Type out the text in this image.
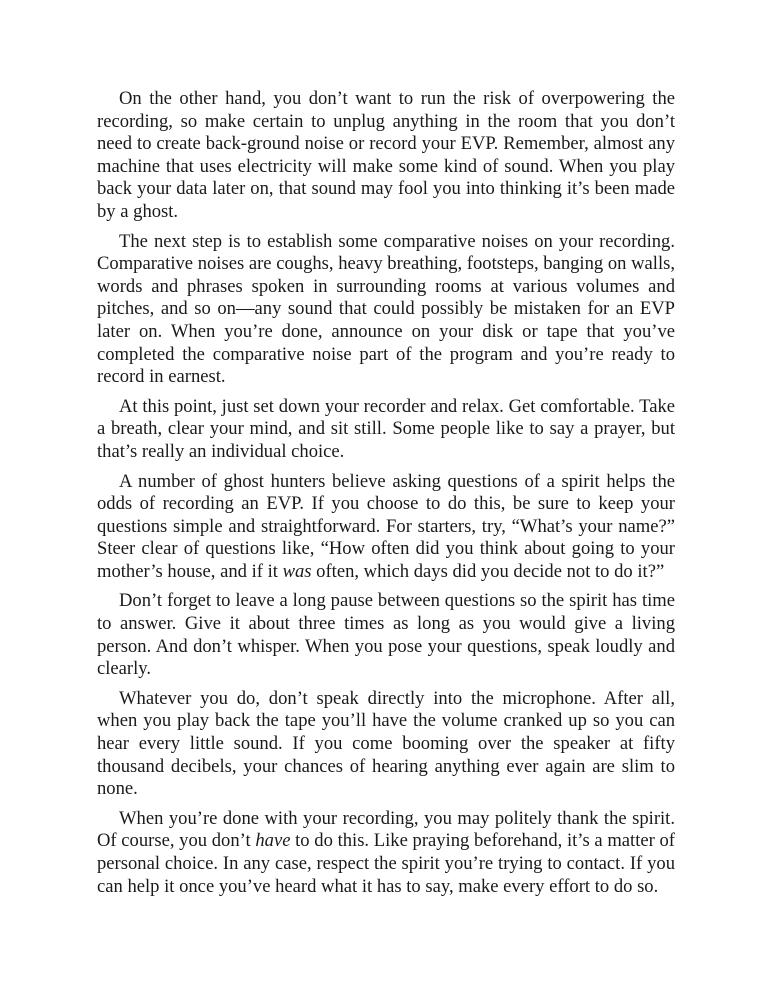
On the other hand, you don’t want to run the risk of overpowering the recording, so make certain to unplug anything in the room that you don’t need to create back-ground noise or record your EVP. Remember, almost any machine that uses electricity will make some kind of sound. When you play back your data later on, that sound may fool you into thinking it’s been made by a ghost.

The next step is to establish some comparative noises on your recording. Comparative noises are coughs, heavy breathing, footsteps, banging on walls, words and phrases spoken in surrounding rooms at various volumes and pitches, and so on—any sound that could possibly be mistaken for an EVP later on. When you’re done, announce on your disk or tape that you’ve completed the comparative noise part of the program and you’re ready to record in earnest.

At this point, just set down your recorder and relax. Get comfortable. Take a breath, clear your mind, and sit still. Some people like to say a prayer, but that’s really an individual choice.

A number of ghost hunters believe asking questions of a spirit helps the odds of recording an EVP. If you choose to do this, be sure to keep your questions simple and straightforward. For starters, try, “What’s your name?” Steer clear of questions like, “How often did you think about going to your mother’s house, and if it was often, which days did you decide not to do it?”

Don’t forget to leave a long pause between questions so the spirit has time to answer. Give it about three times as long as you would give a living person. And don’t whisper. When you pose your questions, speak loudly and clearly.

Whatever you do, don’t speak directly into the microphone. After all, when you play back the tape you’ll have the volume cranked up so you can hear every little sound. If you come booming over the speaker at fifty thousand decibels, your chances of hearing anything ever again are slim to none.

When you’re done with your recording, you may politely thank the spirit. Of course, you don’t have to do this. Like praying beforehand, it’s a matter of personal choice. In any case, respect the spirit you’re trying to contact. If you can help it once you’ve heard what it has to say, make every effort to do so.
